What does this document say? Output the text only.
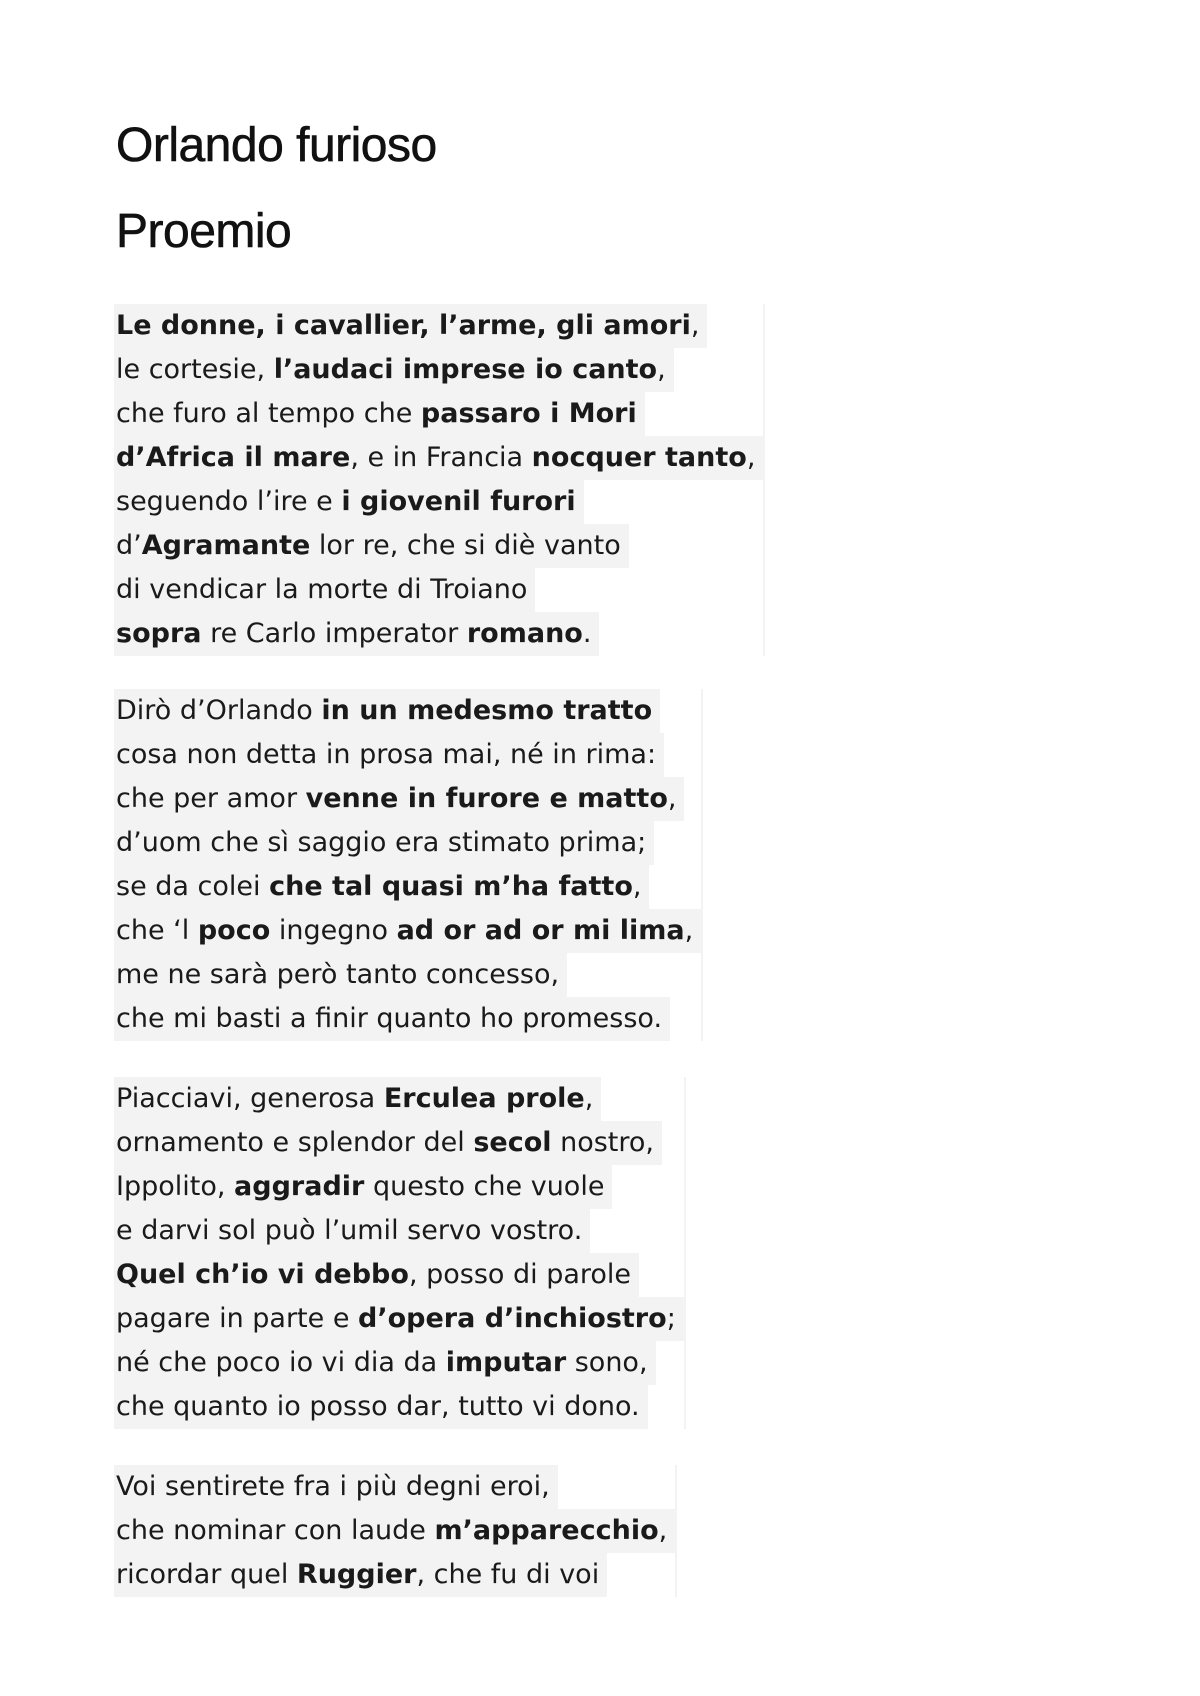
Orlando furioso
Proemio
Le donne, i cavallier, l’arme, gli amori,
le cortesie, l’audaci imprese io canto,
che furo al tempo che passaro i Mori
d’Africa il mare, e in Francia nocquer tanto,
seguendo l’ire e i giovenil furori
d’Agramante lor re, che si diè vanto
di vendicar la morte di Troiano
sopra re Carlo imperator romano.
Dirò d’Orlando in un medesmo tratto
cosa non detta in prosa mai, né in rima:
che per amor venne in furore e matto,
d’uom che sì saggio era stimato prima;
se da colei che tal quasi m’ha fatto,
che ‘l poco ingegno ad or ad or mi lima,
me ne sarà però tanto concesso,
che mi basti a finir quanto ho promesso.
Piacciavi, generosa Erculea prole,
ornamento e splendor del secol nostro,
Ippolito, aggradir questo che vuole
e darvi sol può l’umil servo vostro.
Quel ch’io vi debbo, posso di parole
pagare in parte e d’opera d’inchiostro;
né che poco io vi dia da imputar sono,
che quanto io posso dar, tutto vi dono.
Voi sentirete fra i più degni eroi,
che nominar con laude m’apparecchio,
ricordar quel Ruggier, che fu di voi
